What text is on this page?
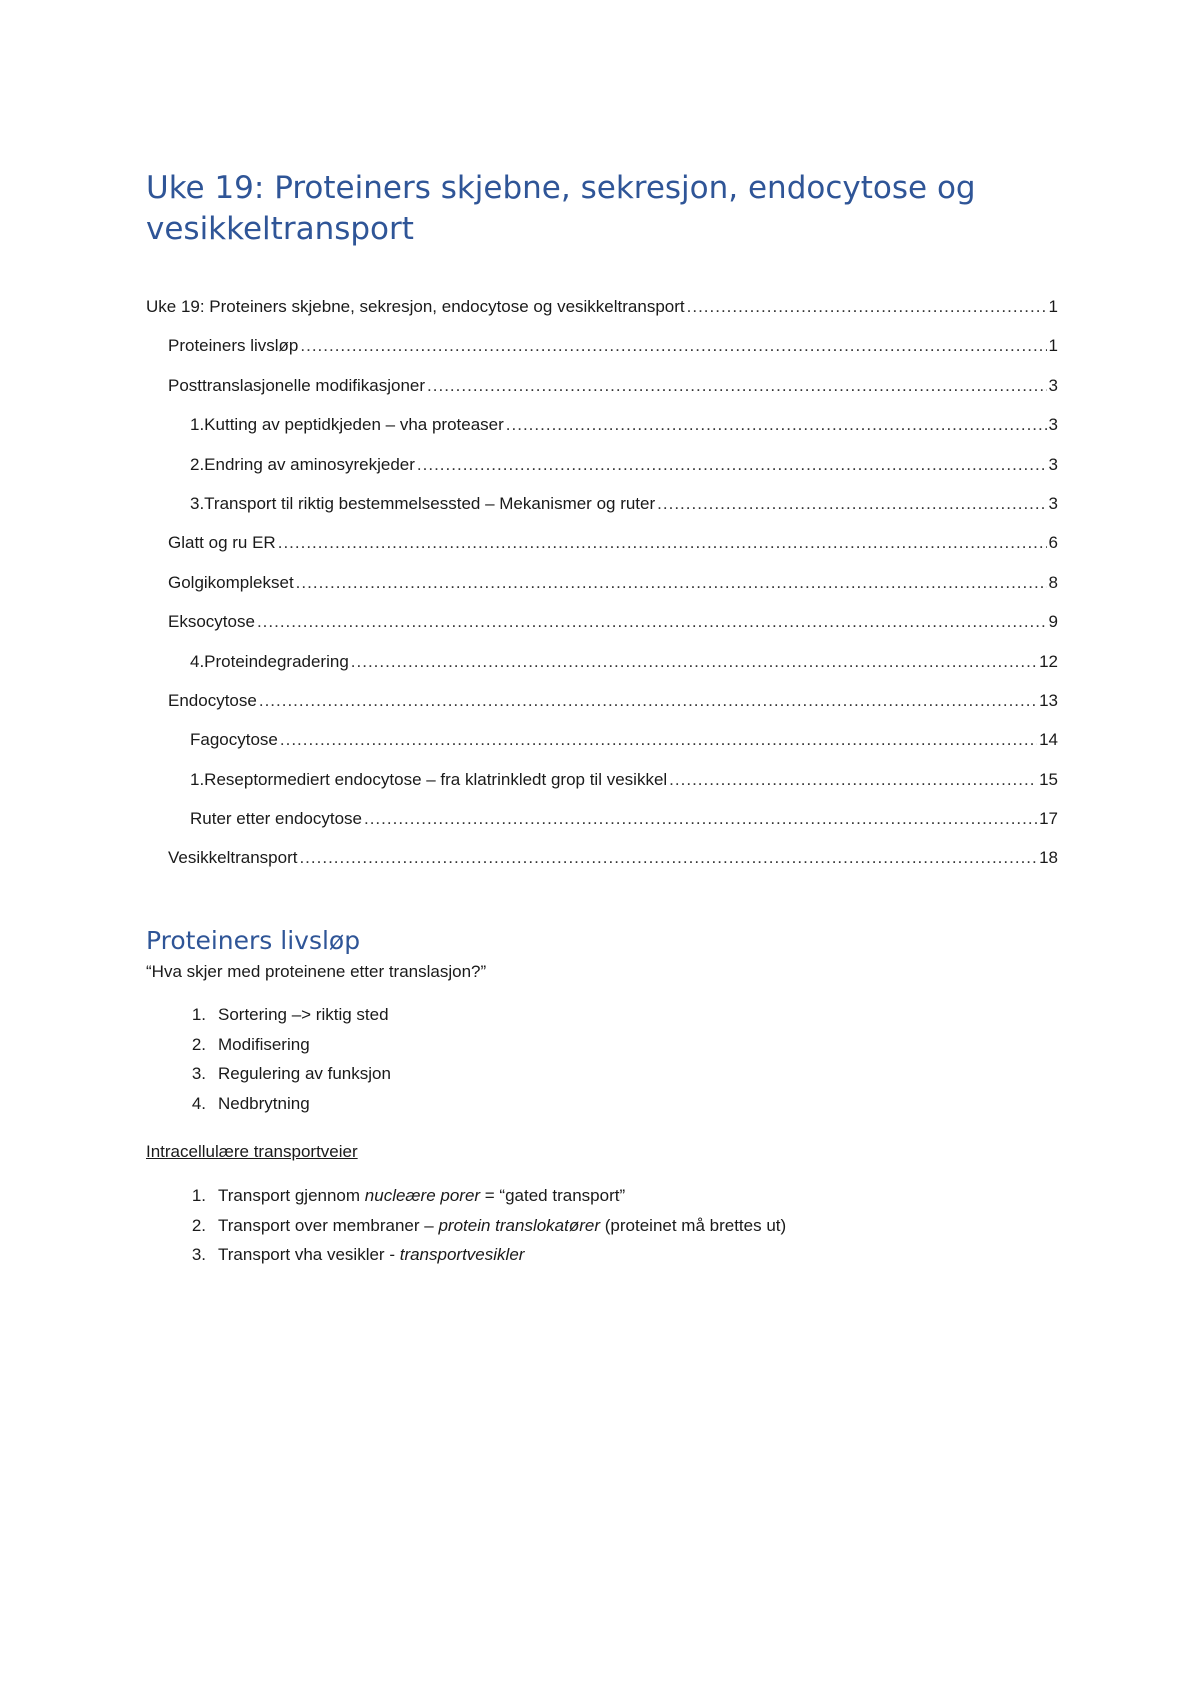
Uke 19: Proteiners skjebne, sekresjon, endocytose og vesikkeltransport
Uke 19: Proteiners skjebne, sekresjon, endocytose og vesikkeltransport .....	1
Proteiners livsløp .....	1
Posttranslasjonelle modifikasjoner .....	3
1.Kutting av peptidkjeden – vha proteaser .....	3
2.Endring av aminosyrekjeder .....	3
3.Transport til riktig bestemmelsessted – Mekanismer og ruter .....	3
Glatt og ru ER .....	6
Golgikomplekset .....	8
Eksocytose .....	9
4.Proteindegradering .....	12
Endocytose .....	13
Fagocytose .....	14
1.Reseptormediert endocytose – fra klatrinkledt grop til vesikkel .....	15
Ruter etter endocytose .....	17
Vesikkeltransport .....	18
Proteiners livsløp

“Hva skjer med proteinene etter translasjon?”

1. Sortering –> riktig sted
2. Modifisering
3. Regulering av funksjon
4. Nedbrytning

Intracellulære transportveier

1. Transport gjennom nucleære porer = “gated transport”
2. Transport over membraner – protein translokatører (proteinet må brettes ut)
3. Transport vha vesikler - transportvesikler
